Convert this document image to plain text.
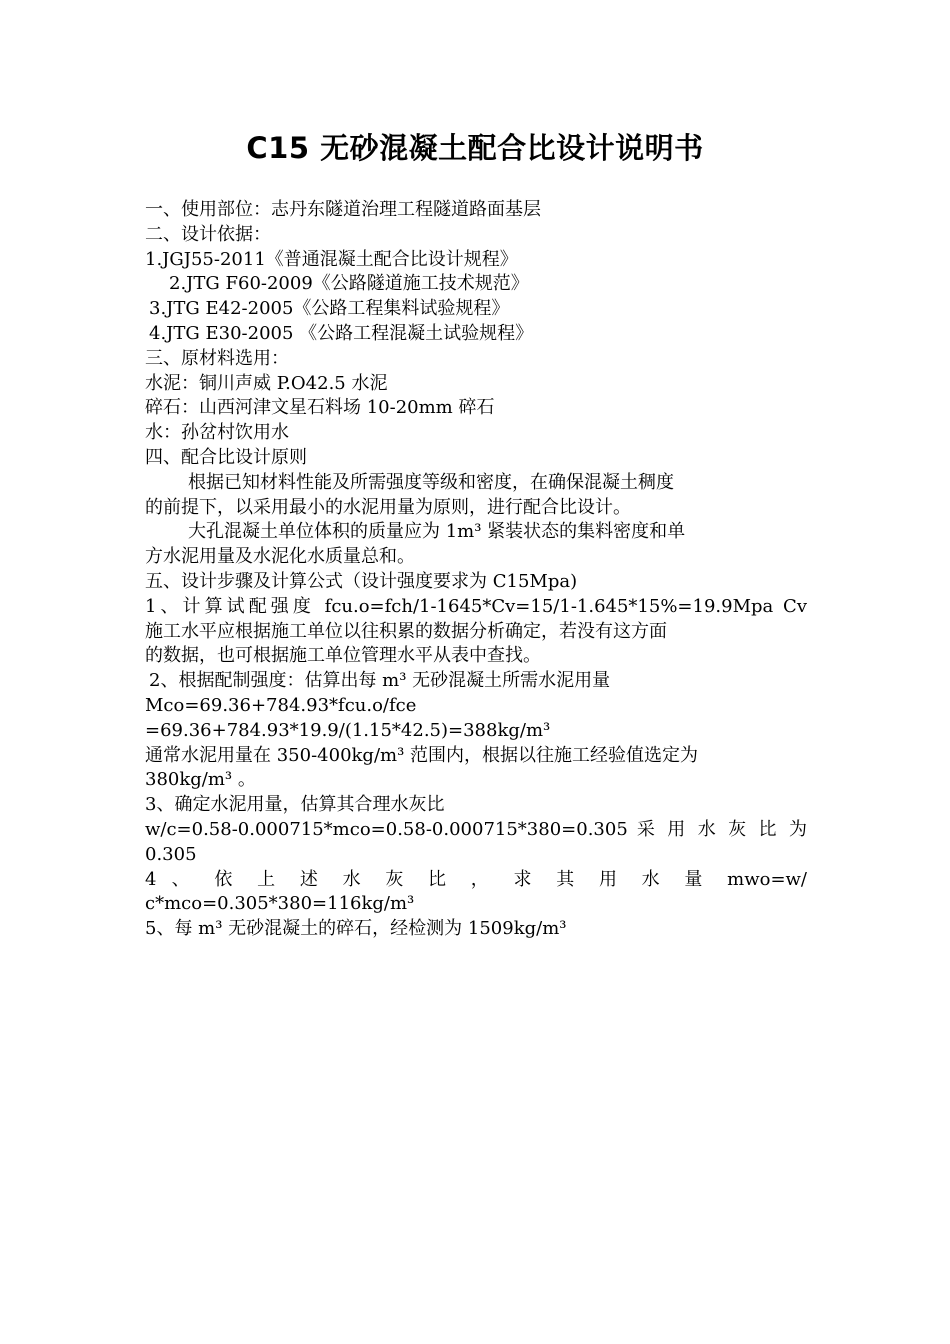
C15 无砂混凝土配合比设计说明书
一、使用部位：志丹东隧道治理工程隧道路面基层
二、设计依据：
1.JGJ55-2011《普通混凝土配合比设计规程》
2.JTG F60-2009《公路隧道施工技术规范》
3.JTG E42-2005《公路工程集料试验规程》
4.JTG E30-2005 《公路工程混凝土试验规程》
三、原材料选用：
水泥：铜川声威 P.O42.5 水泥
碎石：山西河津文星石料场 10-20mm 碎石
水：孙岔村饮用水
四、配合比设计原则
根据已知材料性能及所需强度等级和密度，在确保混凝土稠度
的前提下，以采用最小的水泥用量为原则，进行配合比设计。
大孔混凝土单位体积的质量应为 1m³ 紧装状态的集料密度和单
方水泥用量及水泥化水质量总和。
五、设计步骤及计算公式（设计强度要求为 C15Mpa)
1、计算试配强度 fcu.o=fch/1-1645*Cv=15/1-1.645*15%=19.9Mpa Cv
施工水平应根据施工单位以往积累的数据分析确定，若没有这方面
的数据，也可根据施工单位管理水平从表中查找。
2、根据配制强度：估算出每 m³ 无砂混凝土所需水泥用量
Mco=69.36+784.93*fcu.o/fce
=69.36+784.93*19.9/(1.15*42.5)=388kg/m³
通常水泥用量在 350-400kg/m³ 范围内，根据以往施工经验值选定为
380kg/m³ 。
3、确定水泥用量，估算其合理水灰比
w/c=0.58-0.000715*mco=0.58-0.000715*380=0.305 采 用 水 灰 比 为
0.305
4 、 依 上 述 水 灰 比 ， 求 其 用 水 量 mwo=w/
c*mco=0.305*380=116kg/m³
5、每 m³ 无砂混凝土的碎石，经检测为 1509kg/m³
